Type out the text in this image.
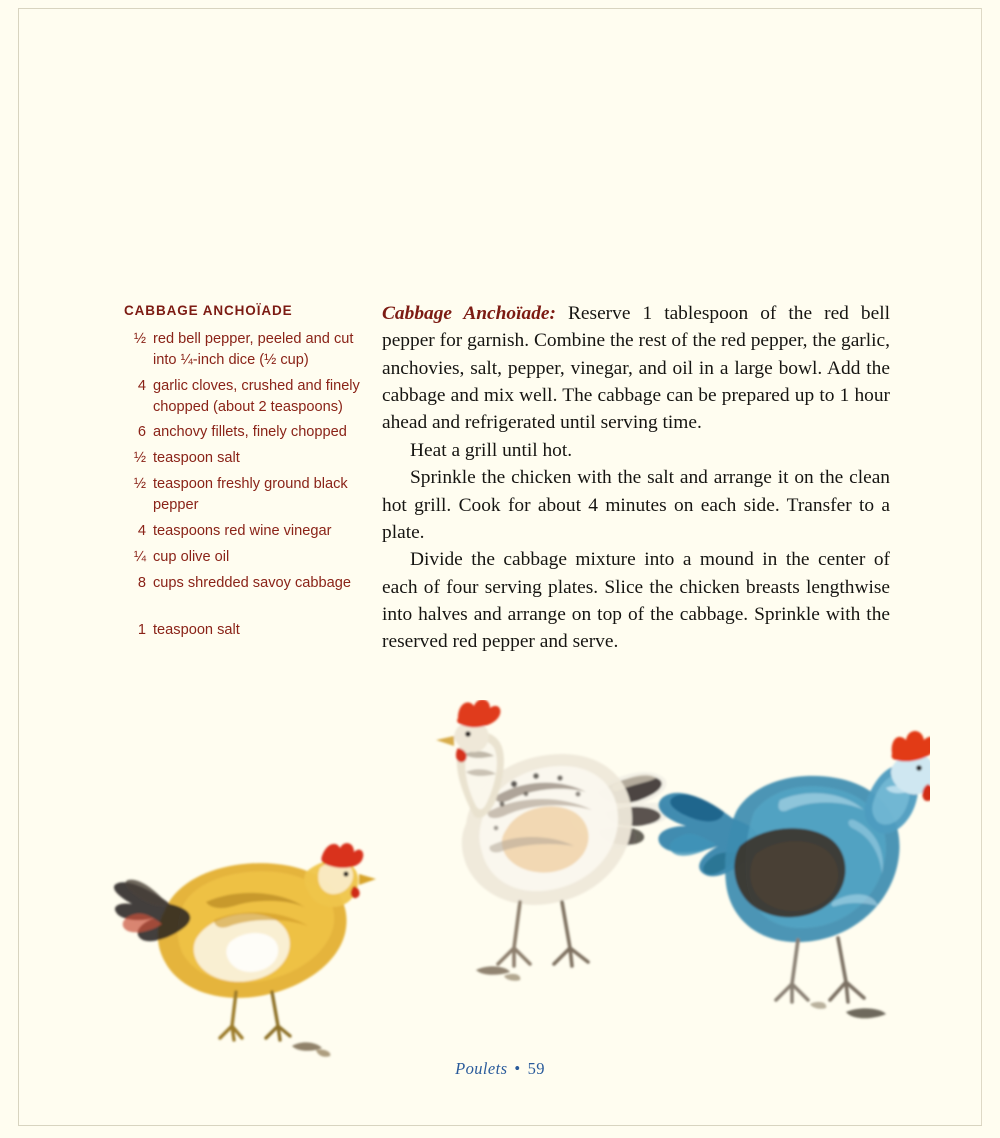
CABBAGE ANCHOÏADE
½ red bell pepper, peeled and cut into ¼-inch dice (½ cup)
4 garlic cloves, crushed and finely chopped (about 2 teaspoons)
6 anchovy fillets, finely chopped
½ teaspoon salt
½ teaspoon freshly ground black pepper
4 teaspoons red wine vinegar
¼ cup olive oil
8 cups shredded savoy cabbage
1 teaspoon salt

Cabbage Anchoïade: Reserve 1 tablespoon of the red bell pepper for garnish. Combine the rest of the red pepper, the garlic, anchovies, salt, pepper, vinegar, and oil in a large bowl. Add the cabbage and mix well. The cabbage can be prepared up to 1 hour ahead and refrigerated until serving time.

Heat a grill until hot.

Sprinkle the chicken with the salt and arrange it on the clean hot grill. Cook for about 4 minutes on each side. Transfer to a plate.

Divide the cabbage mixture into a mound in the center of each of four serving plates. Slice the chicken breasts lengthwise into halves and arrange on top of the cabbage. Sprinkle with the reserved red pepper and serve.

Poulets • 59
